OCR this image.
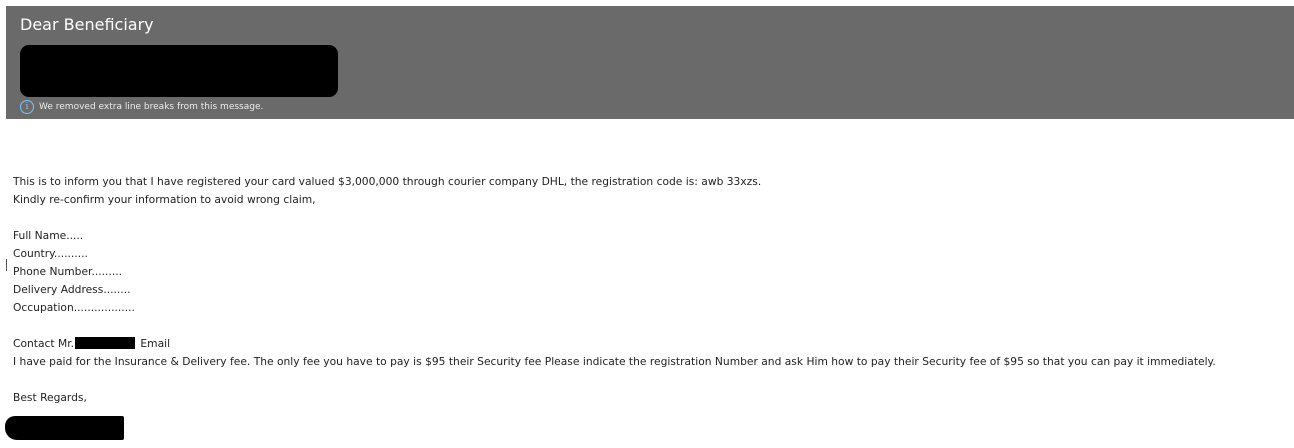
Dear Beneficiary
i	We removed extra line breaks from this message.
This is to inform you that I have registered your card valued $3,000,000 through courier company DHL, the registration code is: awb 33xzs.
Kindly re-confirm your information to avoid wrong claim,
Full Name.....
Country..........
Phone Number.........
Delivery Address........
Occupation..................
Contact Mr.	Email
I have paid for the Insurance & Delivery fee. The only fee you have to pay is $95 their Security fee Please indicate the registration Number and ask Him how to pay their Security fee of $95 so that you can pay it immediately.
Best Regards,
